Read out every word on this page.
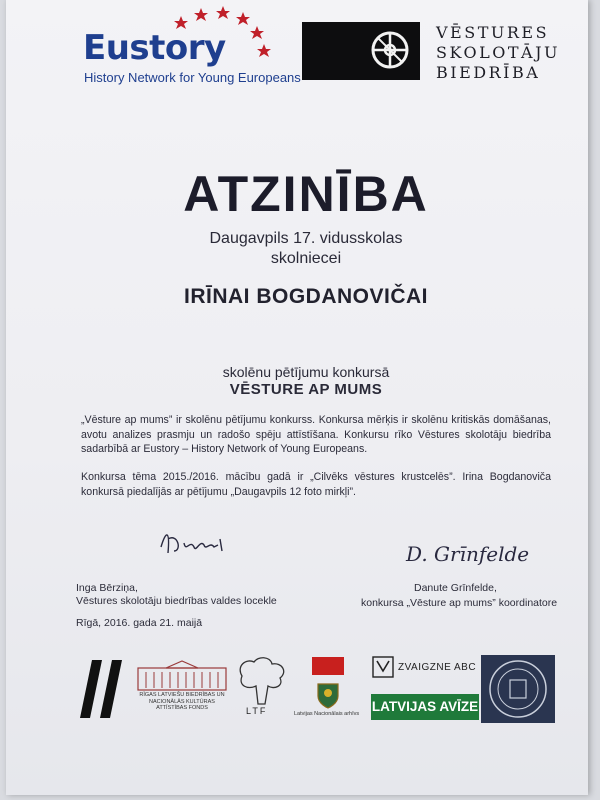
Eustory
History Network for Young Europeans
VĒSTURES
SKOLOTĀJU
BIEDRĪBA
ATZINĪBA
Daugavpils 17. vidusskolas
skolniecei
IRĪNAI BOGDANOVIČAI
skolēnu pētījumu konkursā
VĒSTURE AP MUMS
„Vēsture ap mums” ir skolēnu pētījumu konkurss. Konkursa mērķis ir skolēnu kritiskās domāšanas, avotu analizes prasmju un radošo spēju attīstīšana. Konkursu rīko Vēstures skolotāju biedrība sadarbībā ar Eustory – History Network of Young Europeans.
Konkursa tēma 2015./2016. mācību gadā ir „Cilvēks vēstures krustcelēs”. Irina Bogdanoviča konkursā piedalījās ar pētījumu „Daugavpils 12 foto mirkļi”.
D. Grīnfelde
Inga Bērziņa,
Vēstures skolotāju biedrības valdes locekle
Danute Grīnfelde,
konkursa „Vēsture ap mums” koordinatore
Rīgā, 2016. gada 21. maijā
RĪGAS LATVIEŠU BIEDRĪBAS UN NACIONĀLĀS KULTŪRAS ATTĪSTĪBAS FONDS	LTF	Latvijas Nacionālais arhīvs
ZVAIGZNE ABC
LATVIJAS AVĪZE
